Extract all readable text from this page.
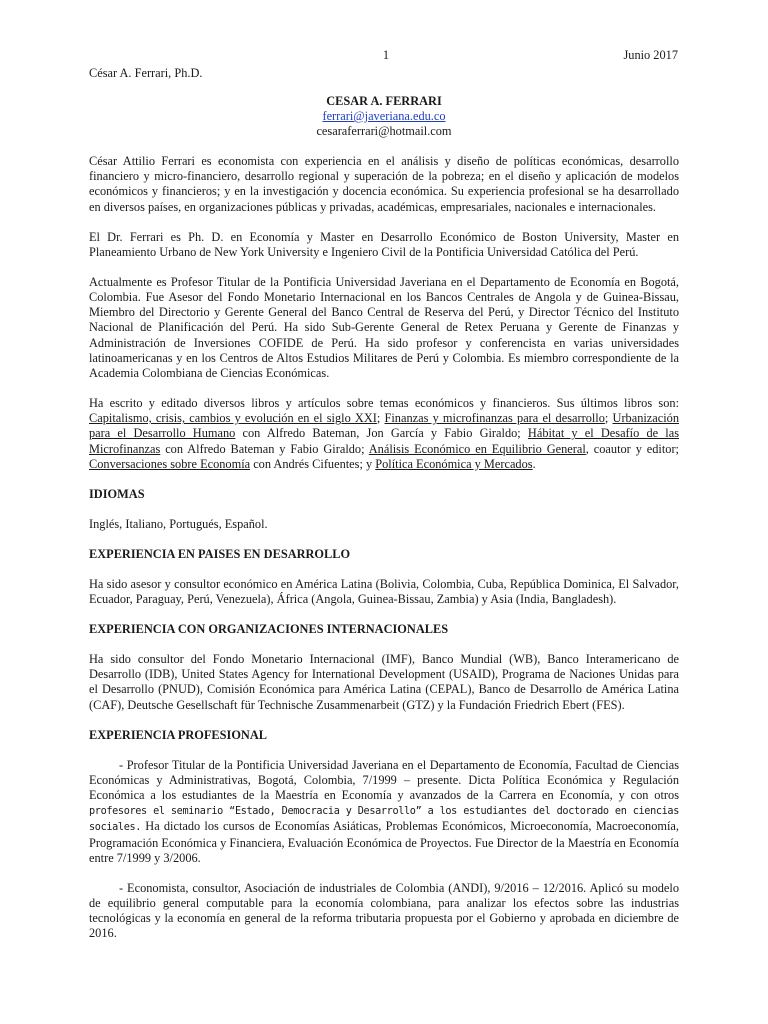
1	Junio 2017
César A. Ferrari, Ph.D.
CESAR A. FERRARI
ferrari@javeriana.edu.co
cesaraferrari@hotmail.com

César Attilio Ferrari es economista con experiencia en el análisis y diseño de políticas económicas, desarrollo financiero y micro-financiero, desarrollo regional y superación de la pobreza; en el diseño y aplicación de modelos económicos y financieros; y en la investigación y docencia económica. Su experiencia profesional se ha desarrollado en diversos países, en organizaciones públicas y privadas, académicas, empresariales, nacionales e internacionales.

El Dr. Ferrari es Ph. D. en Economía y Master en Desarrollo Económico de Boston University, Master en Planeamiento Urbano de New York University e Ingeniero Civil de la Pontificia Universidad Católica del Perú.

Actualmente es Profesor Titular de la Pontificia Universidad Javeriana en el Departamento de Economía en Bogotá, Colombia. Fue Asesor del Fondo Monetario Internacional en los Bancos Centrales de Angola y de Guinea-Bissau, Miembro del Directorio y Gerente General del Banco Central de Reserva del Perú, y Director Técnico del Instituto Nacional de Planificación del Perú. Ha sido Sub-Gerente General de Retex Peruana y Gerente de Finanzas y Administración de Inversiones COFIDE de Perú. Ha sido profesor y conferencista en varias universidades latinoamericanas y en los Centros de Altos Estudios Militares de Perú y Colombia. Es miembro correspondiente de la Academia Colombiana de Ciencias Económicas.

Ha escrito y editado diversos libros y artículos sobre temas económicos y financieros. Sus últimos libros son: Capitalismo, crisis, cambios y evolución en el siglo XXI; Finanzas y microfinanzas para el desarrollo; Urbanización para el Desarrollo Humano con Alfredo Bateman, Jon García y Fabio Giraldo; Hábitat y el Desafío de las Microfinanzas con Alfredo Bateman y Fabio Giraldo; Análisis Económico en Equilibrio General, coautor y editor; Conversaciones sobre Economía con Andrés Cifuentes; y Política Económica y Mercados.

IDIOMAS

Inglés, Italiano, Portugués, Español.

EXPERIENCIA EN PAISES EN DESARROLLO

Ha sido asesor y consultor económico en América Latina (Bolivia, Colombia, Cuba, República Dominica, El Salvador, Ecuador, Paraguay, Perú, Venezuela), África (Angola, Guinea-Bissau, Zambia) y Asia (India, Bangladesh).

EXPERIENCIA CON ORGANIZACIONES INTERNACIONALES

Ha sido consultor del Fondo Monetario Internacional (IMF), Banco Mundial (WB), Banco Interamericano de Desarrollo (IDB), United States Agency for International Development (USAID), Programa de Naciones Unidas para el Desarrollo (PNUD), Comisión Económica para América Latina (CEPAL), Banco de Desarrollo de América Latina (CAF), Deutsche Gesellschaft für Technische Zusammenarbeit (GTZ) y la Fundación Friedrich Ebert (FES).

EXPERIENCIA PROFESIONAL

- Profesor Titular de la Pontificia Universidad Javeriana en el Departamento de Economía, Facultad de Ciencias Económicas y Administrativas, Bogotá, Colombia, 7/1999 – presente. Dicta Política Económica y Regulación Económica a los estudiantes de la Maestría en Economía y avanzados de la Carrera en Economía, y con otros profesores el seminario “Estado, Democracia y Desarrollo” a los estudiantes del doctorado en ciencias sociales. Ha dictado los cursos de Economías Asiáticas, Problemas Económicos, Microeconomía, Macroeconomía, Programación Económica y Financiera, Evaluación Económica de Proyectos. Fue Director de la Maestría en Economía entre 7/1999 y 3/2006.

- Economista, consultor, Asociación de industriales de Colombia (ANDI), 9/2016 – 12/2016. Aplicó su modelo de equilibrio general computable para la economía colombiana, para analizar los efectos sobre las industrias tecnológicas y la economía en general de la reforma tributaria propuesta por el Gobierno y aprobada en diciembre de 2016.
